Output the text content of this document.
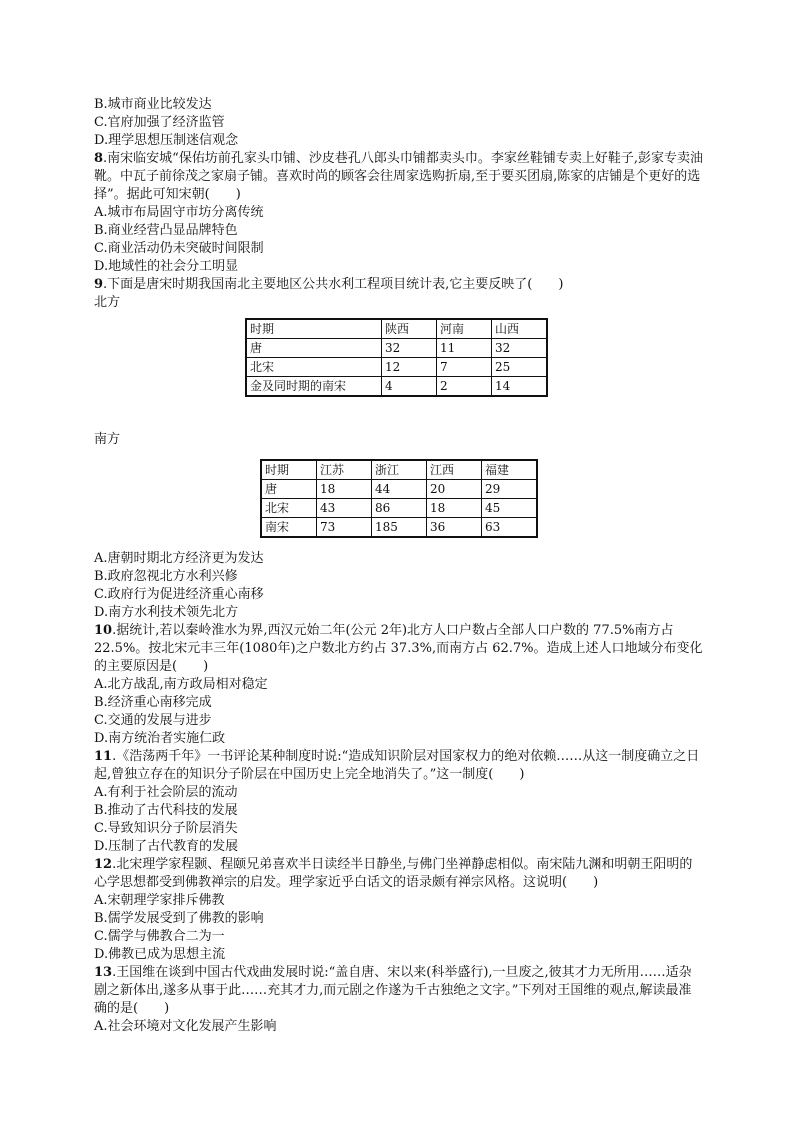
B.城市商业比较发达

C.官府加强了经济监管

D.理学思想压制迷信观念

8.南宋临安城“保佑坊前孔家头巾铺、沙皮巷孔八郎头巾铺都卖头巾。李家丝鞋铺专卖上好鞋子,彭家专卖油靴。中瓦子前徐茂之家扇子铺。喜欢时尚的顾客会往周家选购折扇,至于要买团扇,陈家的店铺是个更好的选择”。据此可知宋朝(　　)

A.城市布局固守市坊分离传统

B.商业经营凸显品牌特色

C.商业活动仍未突破时间限制

D.地域性的社会分工明显

9.下面是唐宋时期我国南北主要地区公共水利工程项目统计表,它主要反映了(　　)

北方

时期	陕西	河南	山西
唐	32	11	32
北宋	12	7	25
金及同时期的南宋	4	2	14

南方

时期	江苏	浙江	江西	福建
唐	18	44	20	29
北宋	43	86	18	45
南宋	73	185	36	63

A.唐朝时期北方经济更为发达

B.政府忽视北方水利兴修

C.政府行为促进经济重心南移

D.南方水利技术领先北方

10.据统计,若以秦岭淮水为界,西汉元始二年(公元 2年)北方人口户数占全部人口户数的 77.5%南方占 22.5%。按北宋元丰三年(1080年)之户数北方约占 37.3%,而南方占 62.7%。造成上述人口地域分布变化的主要原因是(　　)

A.北方战乱,南方政局相对稳定

B.经济重心南移完成

C.交通的发展与进步

D.南方统治者实施仁政

11.《浩荡两千年》一书评论某种制度时说:“造成知识阶层对国家权力的绝对依赖……从这一制度确立之日起,曾独立存在的知识分子阶层在中国历史上完全地消失了。”这一制度(　　)

A.有利于社会阶层的流动

B.推动了古代科技的发展

C.导致知识分子阶层消失

D.压制了古代教育的发展

12.北宋理学家程颢、程颐兄弟喜欢半日读经半日静坐,与佛门坐禅静虑相似。南宋陆九渊和明朝王阳明的心学思想都受到佛教禅宗的启发。理学家近乎白话文的语录颇有禅宗风格。这说明(　　)

A.宋朝理学家排斥佛教

B.儒学发展受到了佛教的影响

C.儒学与佛教合二为一

D.佛教已成为思想主流

13.王国维在谈到中国古代戏曲发展时说:“盖自唐、宋以来(科举盛行),一旦废之,彼其才力无所用……适杂剧之新体出,遂多从事于此……充其才力,而元剧之作遂为千古独绝之文字。”下列对王国维的观点,解读最准确的是(　　)

A.社会环境对文化发展产生影响
